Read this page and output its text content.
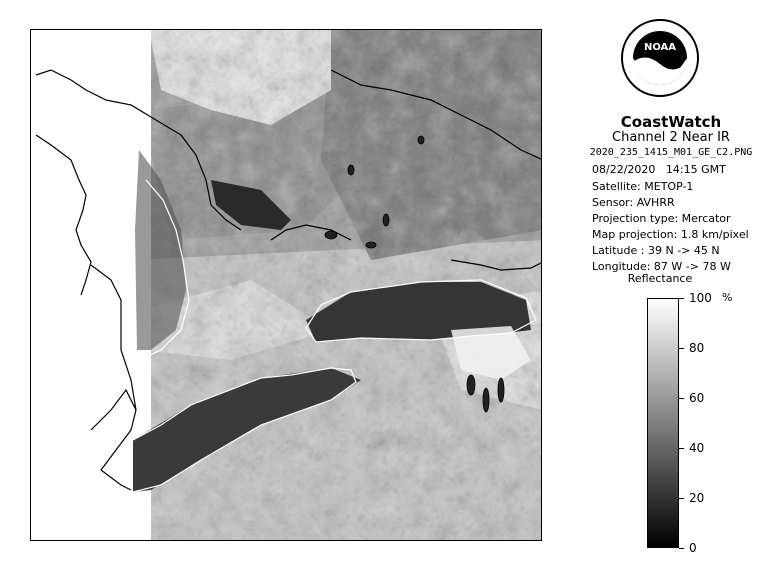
NOAA
CoastWatch
Channel 2 Near IR
2020_235_1415_M01_GE_C2.PNG
08/22/2020 14:15 GMT
Satellite: METOP-1
Sensor: AVHRR
Projection type: Mercator
Map projection: 1.8 km/pixel
Latitude : 39 N -> 45 N
Longitude: 87 W -> 78 W
Reflectance
%
100
80
60
40
20
0
